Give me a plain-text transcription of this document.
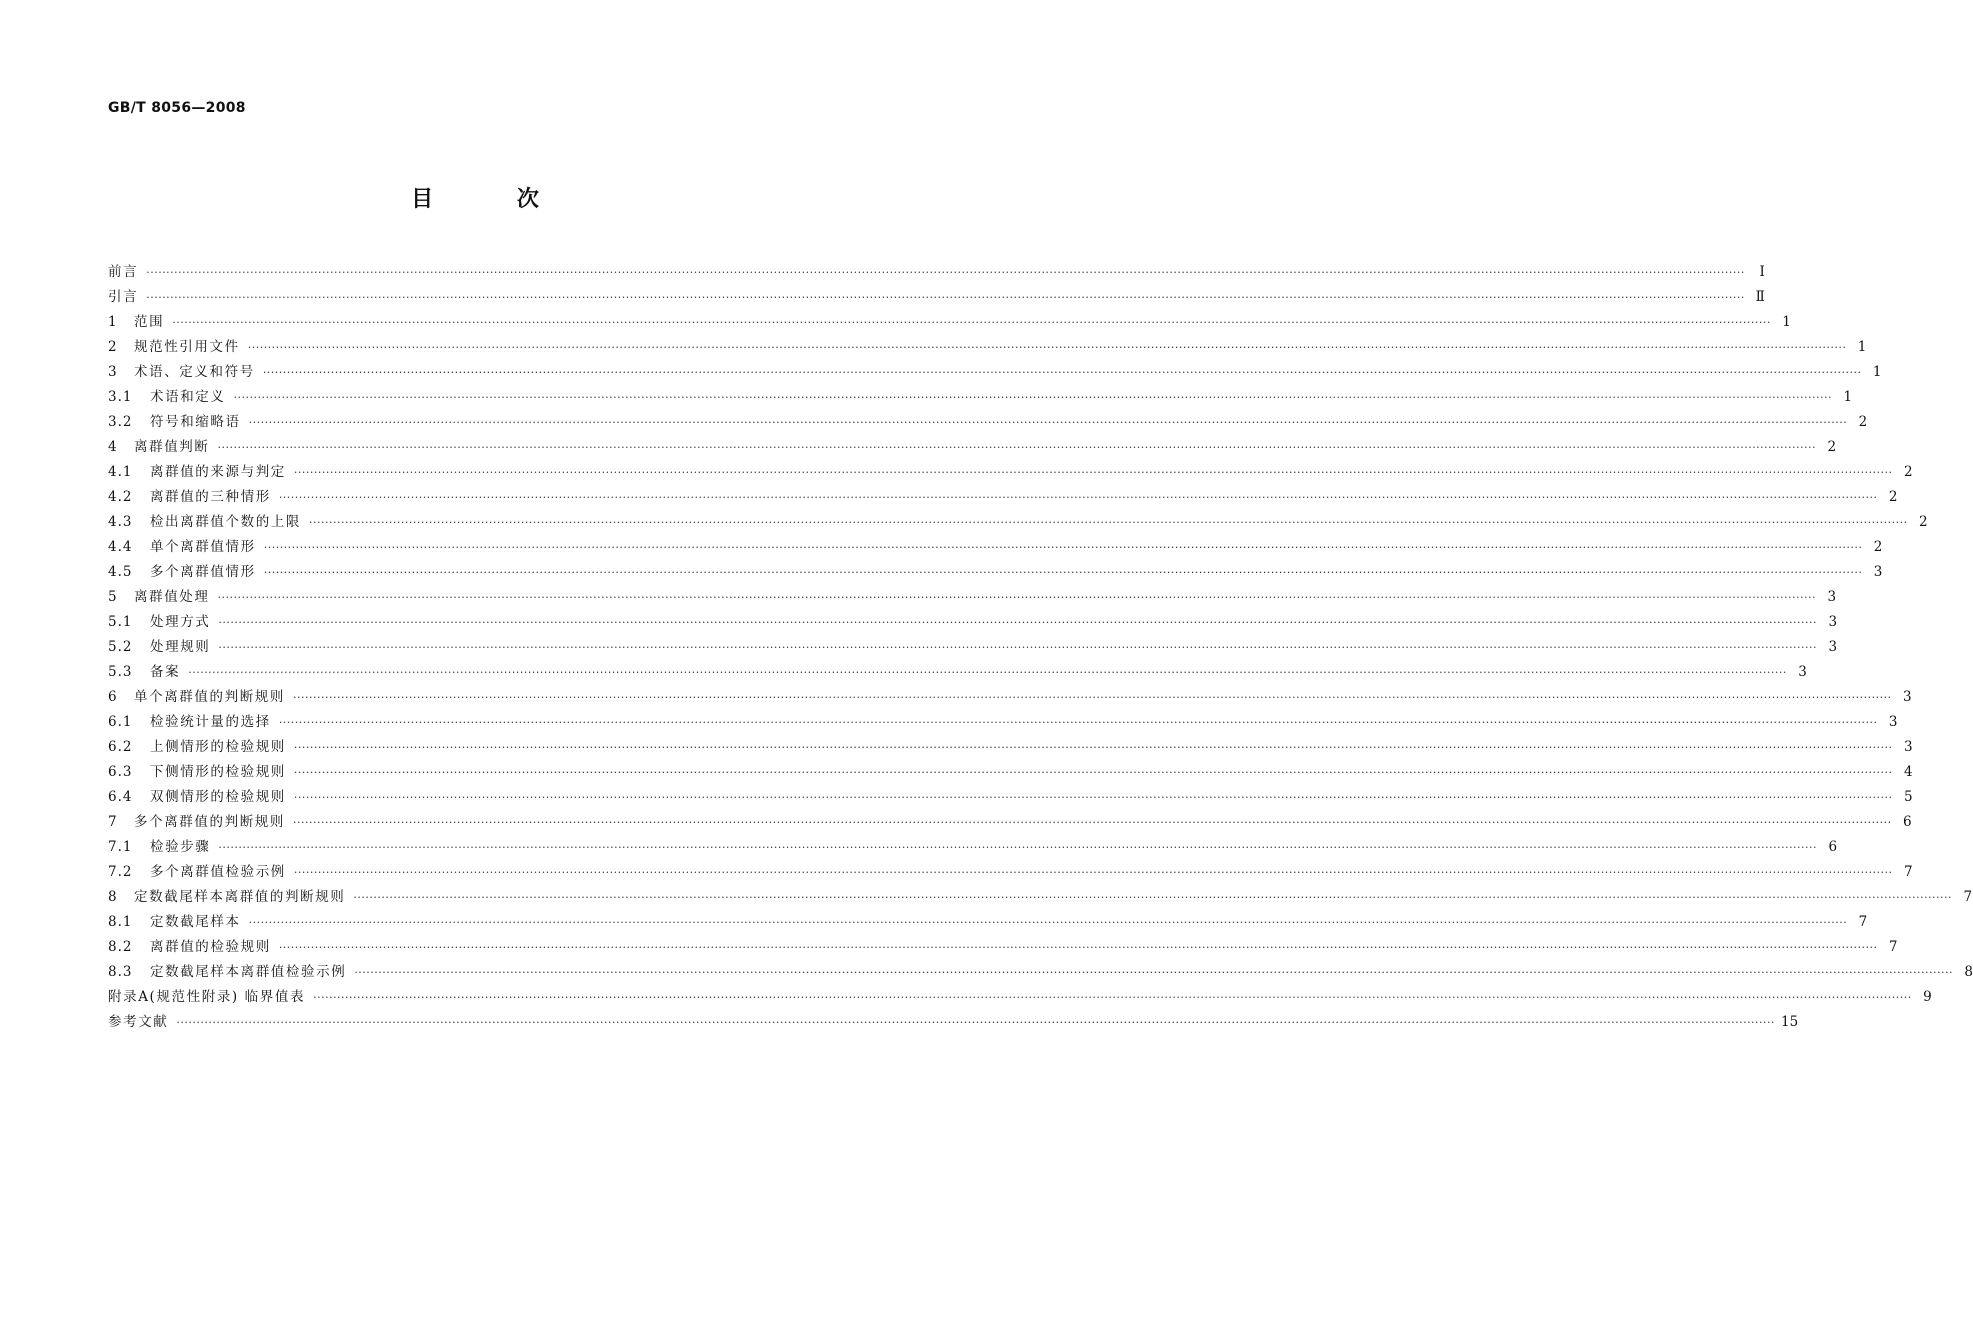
GB/T 8056—2008
目 次
前言 ················································································································································································································································································································································································································	Ⅰ
引言 ················································································································································································································································································································································································································ Ⅱ
1	范围 ················································································································································································································································································································································································································ 1
2	规范性引用文件 ················································································································································································································································································································································································································ 1
3	术语、定义和符号 ················································································································································································································································································································································································································ 1
3.1	术语和定义 ················································································································································································································································································································································································································ 1
3.2	符号和缩略语 ················································································································································································································································································································································································································ 2
4	离群值判断 ················································································································································································································································································································································································································ 2
4.1	离群值的来源与判定 ················································································································································································································································································································································································································ 2
4.2	离群值的三种情形 ················································································································································································································································································································································································································ 2
4.3	检出离群值个数的上限 ················································································································································································································································································································································································································ 2
4.4	单个离群值情形 ················································································································································································································································································································································································································ 2
4.5	多个离群值情形 ················································································································································································································································································································································································································ 3
5	离群值处理 ················································································································································································································································································································································································································ 3
5.1	处理方式 ················································································································································································································································································································································································································ 3
5.2	处理规则 ················································································································································································································································································································································································································ 3
5.3	备案 ················································································································································································································································································································································································································ 3
6	单个离群值的判断规则 ················································································································································································································································································································································································································ 3
6.1	检验统计量的选择 ················································································································································································································································································································································································································ 3
6.2	上侧情形的检验规则 ················································································································································································································································································································································································································ 3
6.3	下侧情形的检验规则 ················································································································································································································································································································································································································ 4
6.4	双侧情形的检验规则 ················································································································································································································································································································································································································ 5
7	多个离群值的判断规则 ················································································································································································································································································································································································································ 6
7.1	检验步骤 ················································································································································································································································································································································································································ 6
7.2	多个离群值检验示例 ················································································································································································································································································································································································································ 7
8	定数截尾样本离群值的判断规则 ················································································································································································································································································································································································································ 7
8.1	定数截尾样本 ················································································································································································································································································································································································································ 7
8.2	离群值的检验规则 ················································································································································································································································································································································································································ 7
8.3	定数截尾样本离群值检验示例 ················································································································································································································································································································································································································ 8
附录A(规范性附录) 临界值表 ················································································································································································································································································································································································································ 9
参考文献 ················································································································································································································································································································································································································ 15
